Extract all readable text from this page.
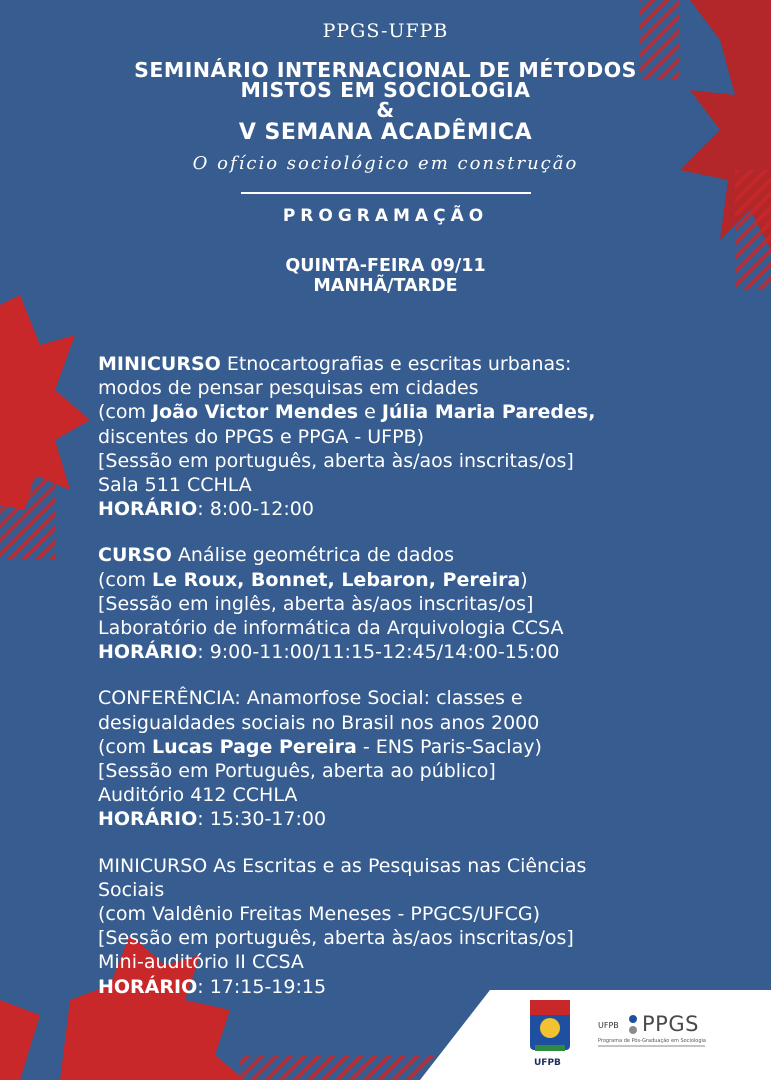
PPGS-UFPB

SEMINÁRIO INTERNACIONAL DE MÉTODOS
MISTOS EM SOCIOLOGIA
&
V SEMANA ACADÊMICA
O ofício sociológico em construção
PROGRAMAÇÃO
QUINTA-FEIRA 09/11
MANHÃ/TARDE
MINICURSO Etnocartografias e escritas urbanas:
modos de pensar pesquisas em cidades
(com João Victor Mendes e Júlia Maria Paredes,
discentes do PPGS e PPGA - UFPB)
[Sessão em português, aberta às/aos inscritas/os]
Sala 511 CCHLA
HORÁRIO: 8:00-12:00
CURSO Análise geométrica de dados
(com Le Roux, Bonnet, Lebaron, Pereira)
[Sessão em inglês, aberta às/aos inscritas/os]
Laboratório de informática da Arquivologia CCSA
HORÁRIO: 9:00-11:00/11:15-12:45/14:00-15:00
CONFERÊNCIA: Anamorfose Social: classes e
desigualdades sociais no Brasil nos anos 2000
(com Lucas Page Pereira - ENS Paris-Saclay)
[Sessão em Português, aberta ao público]
Auditório 412 CCHLA
HORÁRIO: 15:30-17:00
MINICURSO As Escritas e as Pesquisas nas Ciências
Sociais
(com Valdênio Freitas Meneses - PPGCS/UFCG)
[Sessão em português, aberta às/aos inscritas/os]
Mini-auditório II CCSA
HORÁRIO: 17:15-19:15
UFPB
UFPB PPGS
Programa de Pós-Graduação em Sociologia
